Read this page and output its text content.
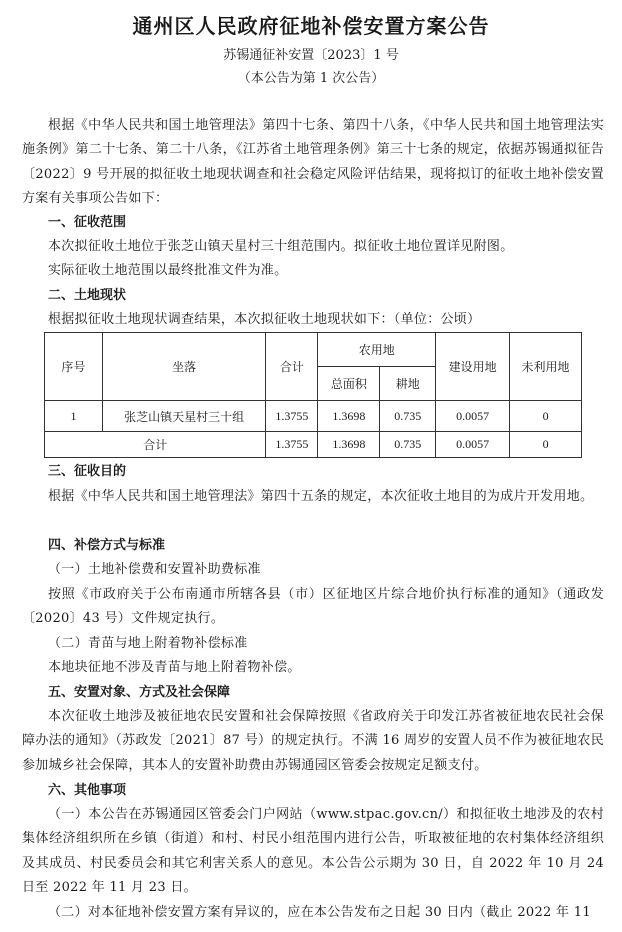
通州区人民政府征地补偿安置方案公告
苏锡通征补安置〔2023〕1 号
（本公告为第 1 次公告）

根据《中华人民共和国土地管理法》第四十七条、第四十八条，《中华人民共和国土地管理法实施条例》第二十七条、第二十八条，《江苏省土地管理条例》第三十七条的规定，依据苏锡通拟征告〔2022〕9 号开展的拟征收土地现状调查和社会稳定风险评估结果，现将拟订的征收土地补偿安置方案有关事项公告如下：

一、征收范围
本次拟征收土地位于张芝山镇天星村三十组范围内。拟征收土地位置详见附图。
实际征收土地范围以最终批准文件为准。
二、土地现状
根据拟征收土地现状调查结果，本次拟征收土地现状如下：（单位：公顷）
序号	坐落	合计	农用地		建设用地	未利用地
			总面积	耕地		
1	张芝山镇天星村三十组	1.3755	1.3698	0.735	0.0057	0
合计		1.3755	1.3698	0.735	0.0057	0
三、征收目的

根据《中华人民共和国土地管理法》第四十五条的规定，本次征收土地目的为成片开发用地。

四、补偿方式与标准
（一）土地补偿费和安置补助费标准

按照《市政府关于公布南通市所辖各县（市）区征地区片综合地价执行标准的通知》（通政发〔2020〕43 号）文件规定执行。

（二）青苗与地上附着物补偿标准
本地块征地不涉及青苗与地上附着物补偿。
五、安置对象、方式及社会保障

本次征收土地涉及被征地农民安置和社会保障按照《省政府关于印发江苏省被征地农民社会保障办法的通知》（苏政发〔2021〕87 号）的规定执行。不满 16 周岁的安置人员不作为被征地农民参加城乡社会保障，其本人的安置补助费由苏锡通园区管委会按规定足额支付。

六、其他事项

（一）本公告在苏锡通园区管委会门户网站（www.stpac.gov.cn/）和拟征收土地涉及的农村集体经济组织所在乡镇（街道）和村、村民小组范围内进行公告，听取被征地的农村集体经济组织及其成员、村民委员会和其它利害关系人的意见。本公告公示期为 30 日，自 2022 年 10 月 24 日至 2022 年 11 月 23 日。

（二）对本征地补偿安置方案有异议的，应在本公告发布之日起 30 日内（截止 2022 年 11
